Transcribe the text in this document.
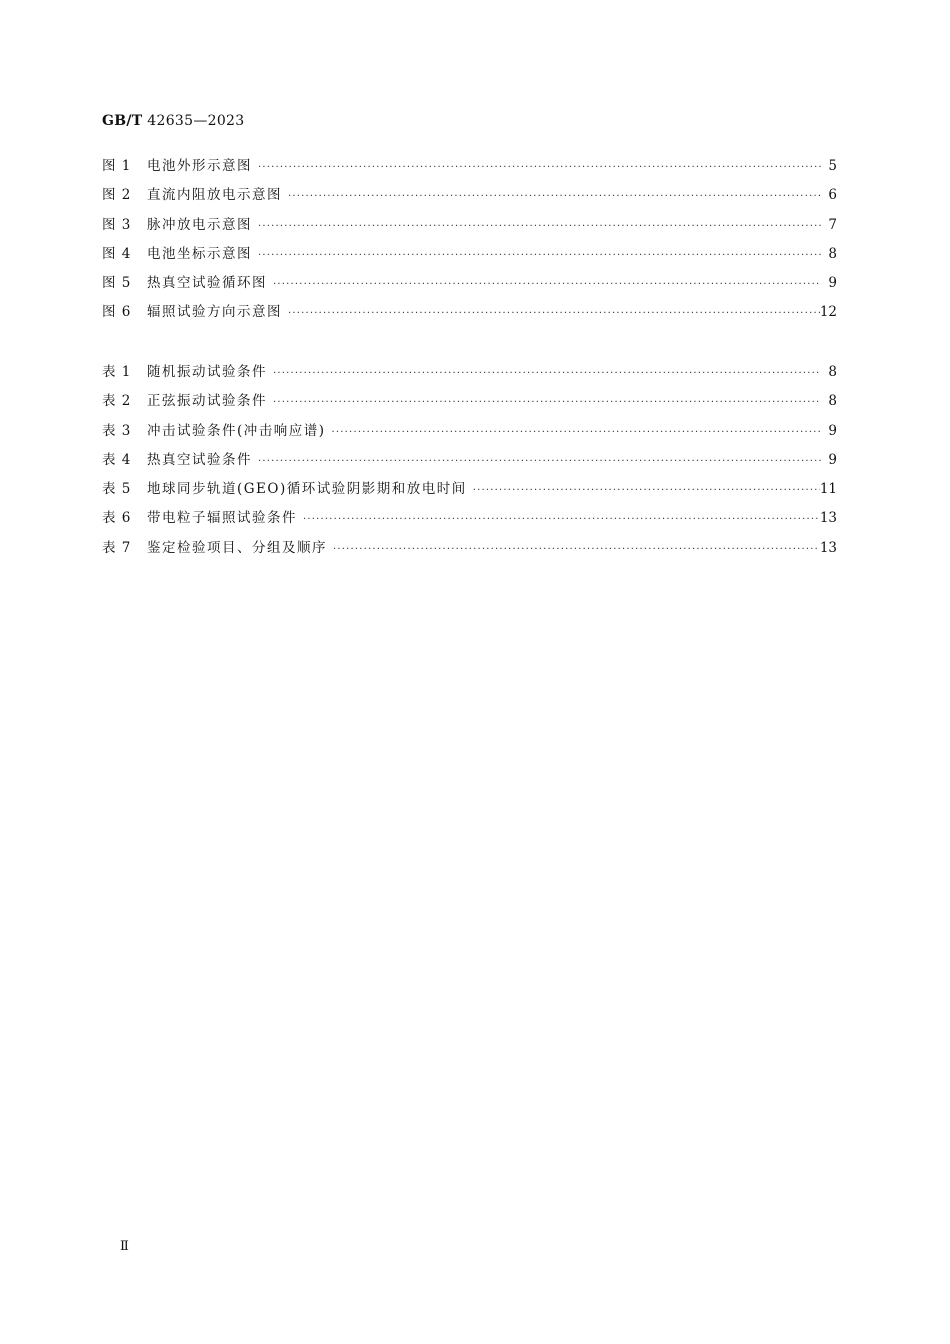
GB/T 42635—2023
图 1	电池外形示意图 ·····	5
图 2	直流内阻放电示意图 ·····	6
图 3	脉冲放电示意图 ·····	7
图 4	电池坐标示意图 ·····	8
图 5	热真空试验循环图 ·····	9
图 6	辐照试验方向示意图 ·····	12
表 1	随机振动试验条件 ·····	8
表 2	正弦振动试验条件 ·····	8
表 3	冲击试验条件(冲击响应谱) ·····	9
表 4	热真空试验条件 ·····	9
表 5	地球同步轨道(GEO)循环试验阴影期和放电时间 ·····	11
表 6	带电粒子辐照试验条件 ·····	13
表 7	鉴定检验项目、分组及顺序 ·····	13
Ⅱ
